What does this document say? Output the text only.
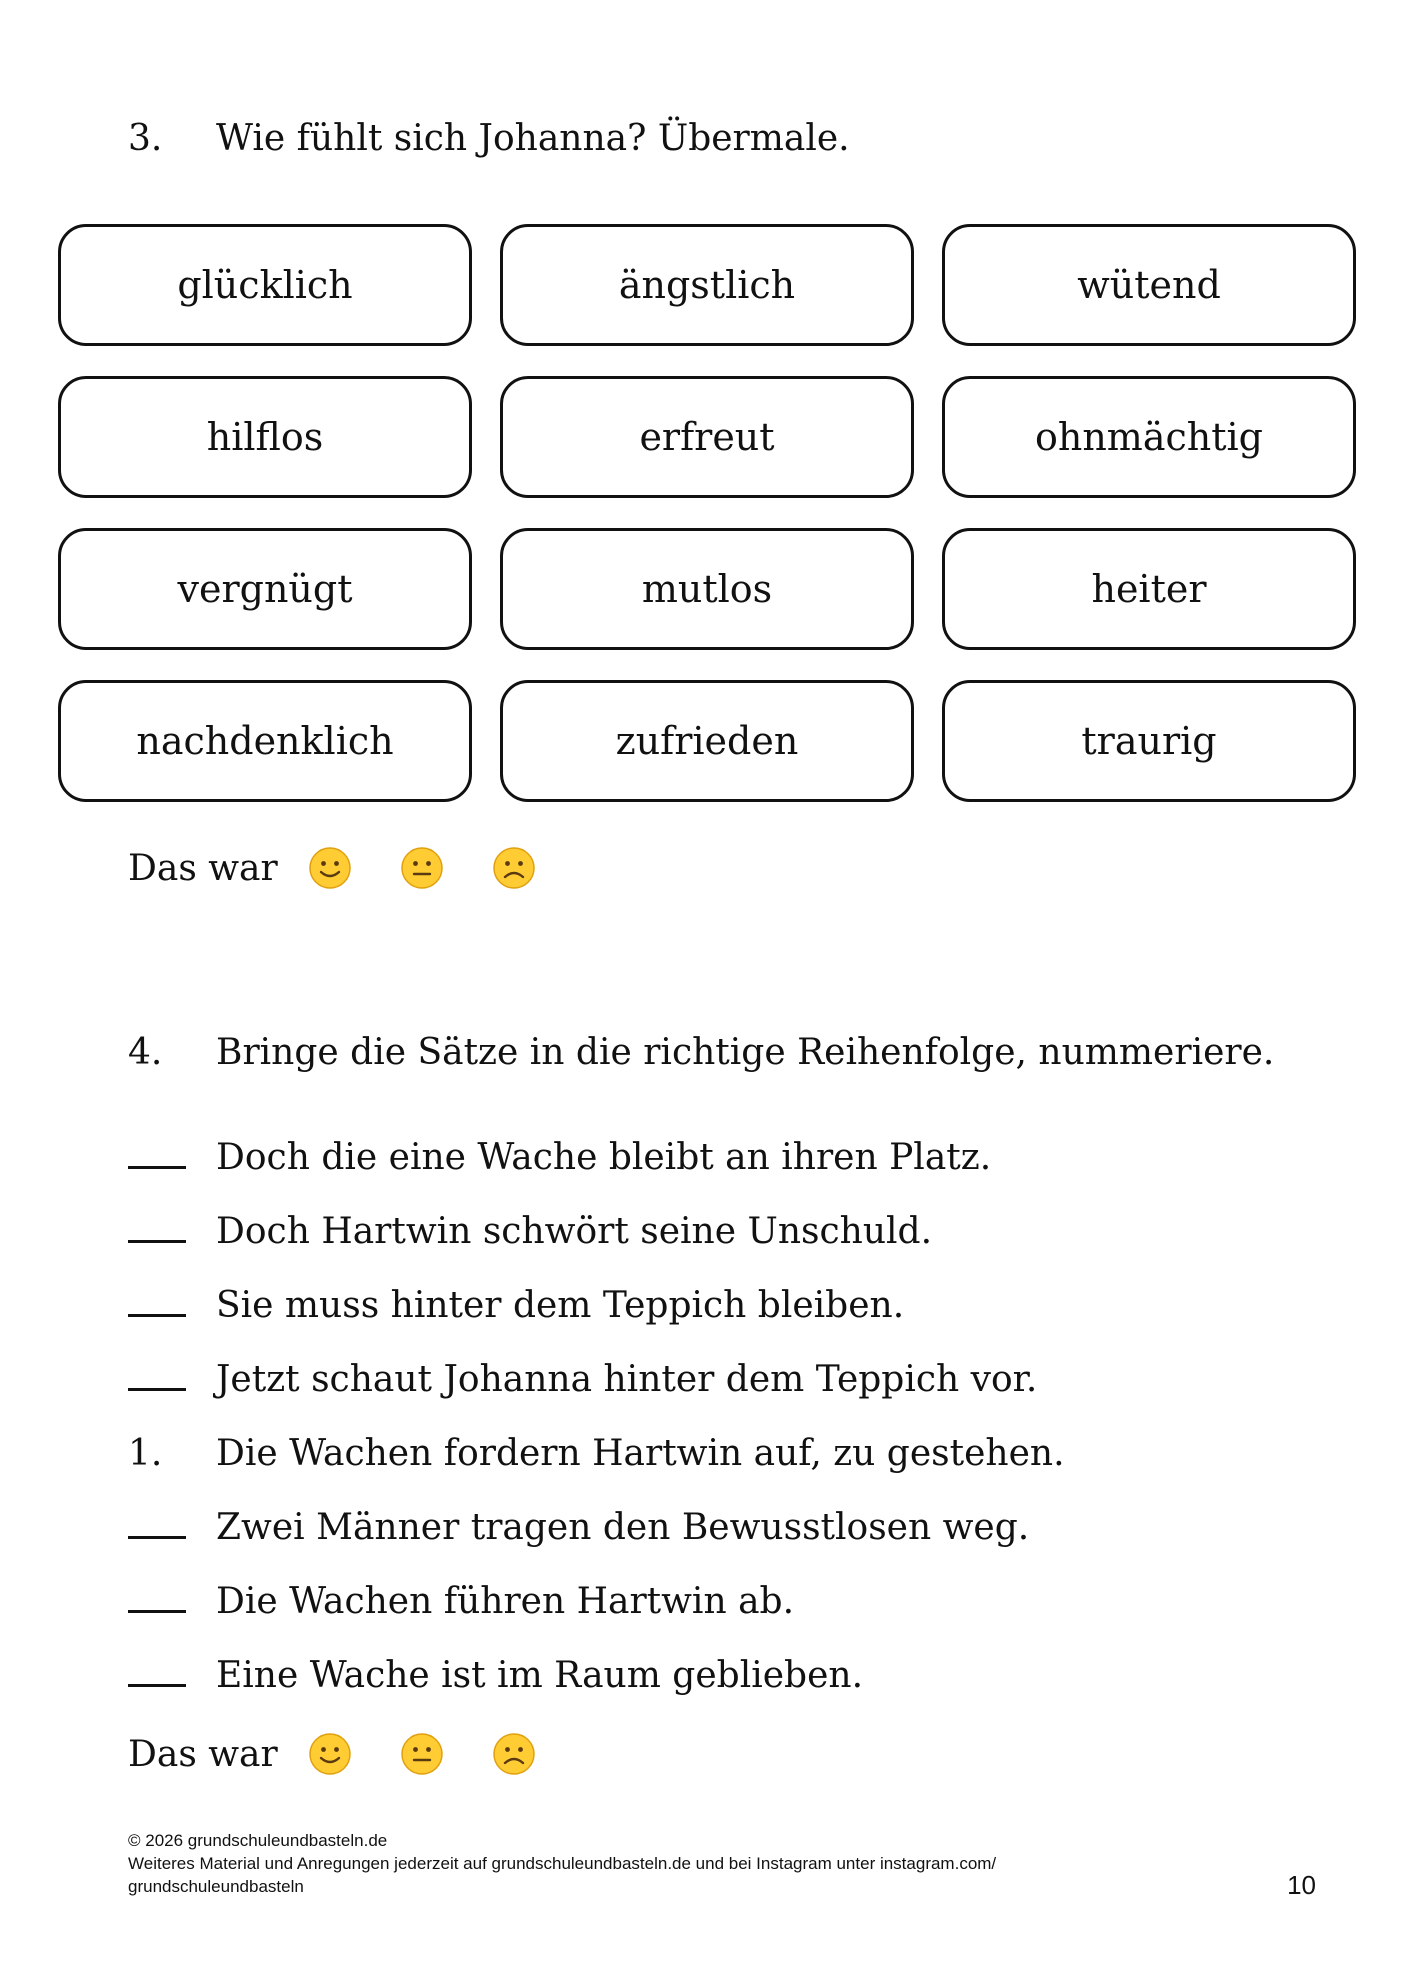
3.	Wie fühlt sich Johanna? Übermale.
glücklich	ängstlich	wütend
hilflos	erfreut	ohnmächtig
vergnügt	mutlos	heiter
nachdenklich	zufrieden	traurig
Das war
4.	Bringe die Sätze in die richtige Reihenfolge, nummeriere.
Doch die eine Wache bleibt an ihren Platz.
Doch Hartwin schwört seine Unschuld.
Sie muss hinter dem Teppich bleiben.
Jetzt schaut Johanna hinter dem Teppich vor.
1.	Die Wachen fordern Hartwin auf, zu gestehen.
Zwei Männer tragen den Bewusstlosen weg.
Die Wachen führen Hartwin ab.
Eine Wache ist im Raum geblieben.
Das war
© 2026 grundschuleundbasteln.de
Weiteres Material und Anregungen jederzeit auf grundschuleundbasteln.de und bei Instagram unter instagram.com/
grundschuleundbasteln	10
